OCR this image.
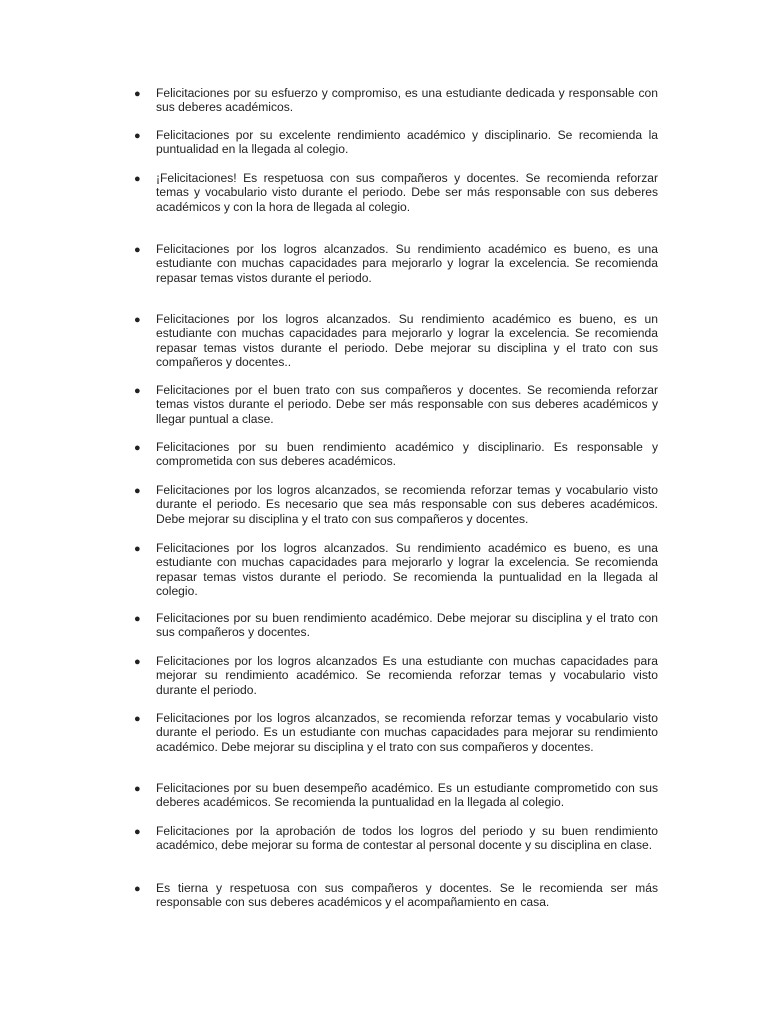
● Felicitaciones por su esfuerzo y compromiso, es una estudiante dedicada y responsable con sus deberes académicos.

● Felicitaciones por su excelente rendimiento académico y disciplinario. Se recomienda la puntualidad en la llegada al colegio.

● ¡Felicitaciones! Es respetuosa con sus compañeros y docentes. Se recomienda reforzar temas y vocabulario visto durante el periodo. Debe ser más responsable con sus deberes académicos y con la hora de llegada al colegio.

● Felicitaciones por los logros alcanzados. Su rendimiento académico es bueno, es una estudiante con muchas capacidades para mejorarlo y lograr la excelencia. Se recomienda repasar temas vistos durante el periodo.

● Felicitaciones por los logros alcanzados. Su rendimiento académico es bueno, es un estudiante con muchas capacidades para mejorarlo y lograr la excelencia. Se recomienda repasar temas vistos durante el periodo. Debe mejorar su disciplina y el trato con sus compañeros y docentes..

● Felicitaciones por el buen trato con sus compañeros y docentes. Se recomienda reforzar temas vistos durante el periodo. Debe ser más responsable con sus deberes académicos y llegar puntual a clase.

● Felicitaciones por su buen rendimiento académico y disciplinario. Es responsable y comprometida con sus deberes académicos.

● Felicitaciones por los logros alcanzados, se recomienda reforzar temas y vocabulario visto durante el periodo. Es necesario que sea más responsable con sus deberes académicos. Debe mejorar su disciplina y el trato con sus compañeros y docentes.

● Felicitaciones por los logros alcanzados. Su rendimiento académico es bueno, es una estudiante con muchas capacidades para mejorarlo y lograr la excelencia. Se recomienda repasar temas vistos durante el periodo. Se recomienda la puntualidad en la llegada al colegio.

● Felicitaciones por su buen rendimiento académico. Debe mejorar su disciplina y el trato con sus compañeros y docentes.

● Felicitaciones por los logros alcanzados Es una estudiante con muchas capacidades para mejorar su rendimiento académico. Se recomienda reforzar temas y vocabulario visto durante el periodo.

● Felicitaciones por los logros alcanzados, se recomienda reforzar temas y vocabulario visto durante el periodo. Es un estudiante con muchas capacidades para mejorar su rendimiento académico. Debe mejorar su disciplina y el trato con sus compañeros y docentes.

● Felicitaciones por su buen desempeño académico. Es un estudiante comprometido con sus deberes académicos. Se recomienda la puntualidad en la llegada al colegio.

● Felicitaciones por la aprobación de todos los logros del periodo y su buen rendimiento académico, debe mejorar su forma de contestar al personal docente y su disciplina en clase.

● Es tierna y respetuosa con sus compañeros y docentes. Se le recomienda ser más responsable con sus deberes académicos y el acompañamiento en casa.
